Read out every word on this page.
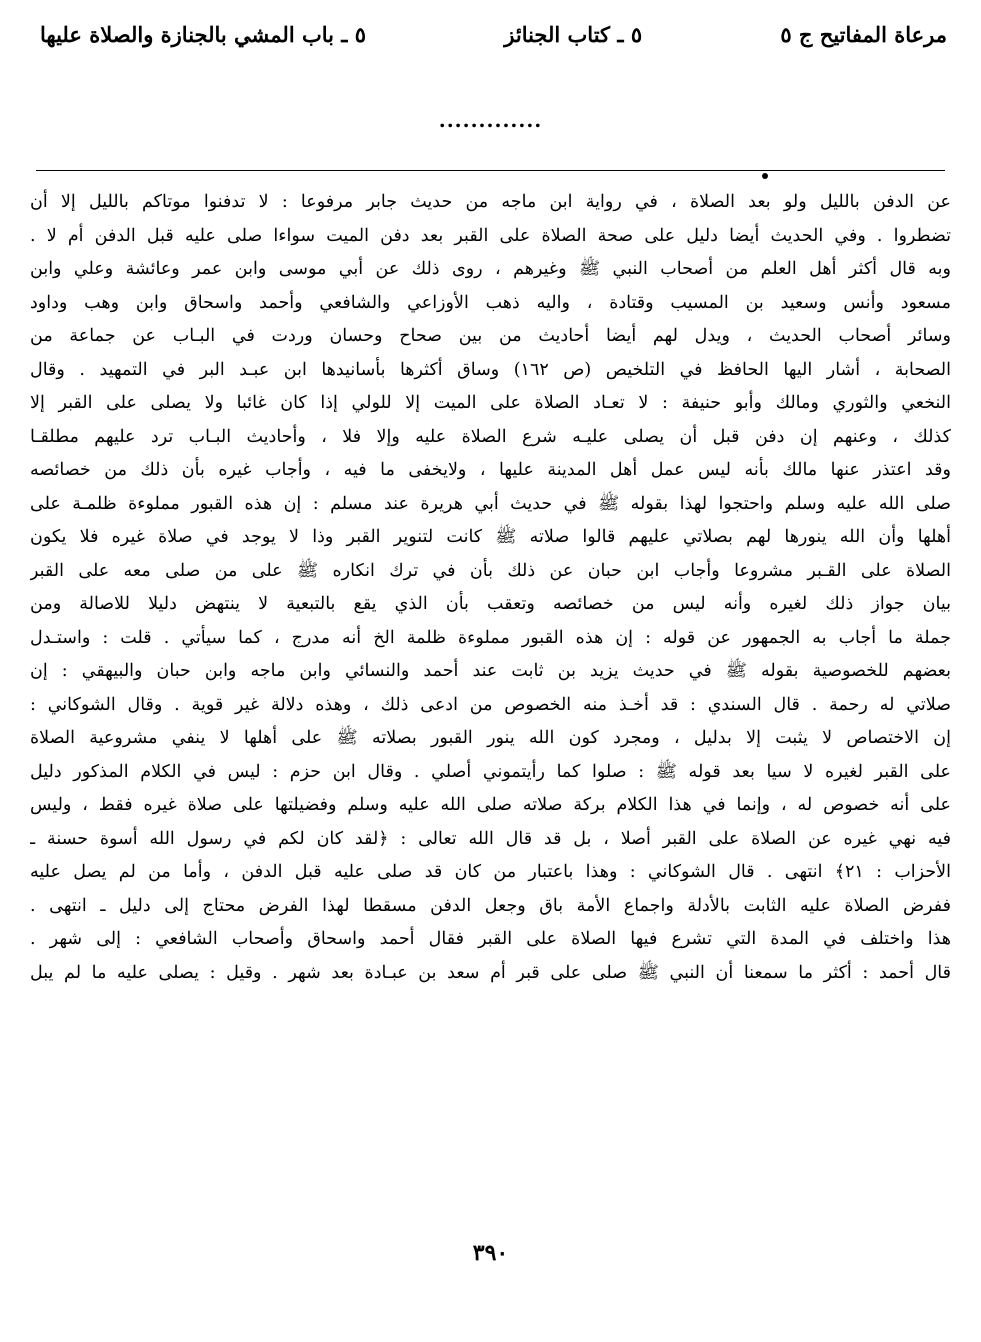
مرعاة المفاتيح ج ٥
٥ ـ كتاب الجنائز
٥ ـ باب المشي بالجنازة والصلاة عليها
.............
عن الدفن بالليل ولو بعد الصلاة ، في رواية ابن ماجه من حديث جابر مرفوعا : لا تدفنوا موتاكم بالليل إلا أن
تضطروا . وفي الحديث أيضا دليل على صحة الصلاة على القبر بعد دفن الميت سواءا صلى عليه قبل الدفن أم لا .
وبه قال أكثر أهل العلم من أصحاب النبي ﷺ وغيرهم ، روى ذلك عن أبي موسى وابن عمر وعائشة وعلي وابن
مسعود وأنس وسعيد بن المسيب وقتادة ، واليه ذهب الأوزاعي والشافعي وأحمد واسحاق وابن وهب وداود
وسائر أصحاب الحديث ، ويدل لهم أيضا أحاديث من بين صحاح وحسان وردت في البـاب عن جماعة من
الصحابة ، أشار اليها الحافظ في التلخيص (ص ١٦٢) وساق أكثرها بأسانيدها ابن عبـد البر في التمهيد . وقال
النخعي والثوري ومالك وأبو حنيفة : لا تعـاد الصلاة على الميت إلا للولي إذا كان غائبا ولا يصلى على القبر إلا
كذلك ، وعنهم إن دفن قبل أن يصلى عليـه شرع الصلاة عليه وإلا فلا ، وأحاديث البـاب ترد عليهم مطلقـا
وقد اعتذر عنها مالك بأنه ليس عمل أهل المدينة عليها ، ولايخفى ما فيه ، وأجاب غيره بأن ذلك من خصائصه
صلى الله عليه وسلم واحتجوا لهذا بقوله ﷺ في حديث أبي هريرة عند مسلم : إن هذه القبور مملوءة ظلمـة على
أهلها وأن الله ينورها لهم بصلاتي عليهم قالوا صلاته ﷺ كانت لتنوير القبر وذا لا يوجد في صلاة غيره فلا يكون
الصلاة على القـبر مشروعا وأجاب ابن حبان عن ذلك بأن في ترك انكاره ﷺ على من صلى معه على القبر
بيان جواز ذلك لغيره وأنه ليس من خصائصه وتعقب بأن الذي يقع بالتبعية لا ينتهض دليلا للاصالة ومن
جملة ما أجاب به الجمهور عن قوله : إن هذه القبور مملوءة ظلمة الخ أنه مدرج ، كما سيأتي . قلت : واستـدل
بعضهم للخصوصية بقوله ﷺ في حديث يزيد بن ثابت عند أحمد والنسائي وابن ماجه وابن حبان والبيهقي : إن
صلاتي له رحمة . قال السندي : قد أخـذ منه الخصوص من ادعى ذلك ، وهذه دلالة غير قوية . وقال الشوكاني :
إن الاختصاص لا يثبت إلا بدليل ، ومجرد كون الله ينور القبور بصلاته ﷺ على أهلها لا ينفي مشروعية الصلاة
على القبر لغيره لا سيا بعد قوله ﷺ : صلوا كما رأيتموني أصلي . وقال ابن حزم : ليس في الكلام المذكور دليل
على أنه خصوص له ، وإنما في هذا الكلام بركة صلاته صلى الله عليه وسلم وفضيلتها على صلاة غيره فقط ، وليس
فيه نهي غيره عن الصلاة على القبر أصلا ، بل قد قال الله تعالى : ﴿لقد كان لكم في رسول الله أسوة حسنة ـ
الأحزاب : ٢١﴾ انتهى . قال الشوكاني : وهذا باعتبار من كان قد صلى عليه قبل الدفن ، وأما من لم يصل عليه
ففرض الصلاة عليه الثابت بالأدلة واجماع الأمة باق وجعل الدفن مسقطا لهذا الفرض محتاج إلى دليل ـ انتهى .
هذا واختلف في المدة التي تشرع فيها الصلاة على القبر فقال أحمد واسحاق وأصحاب الشافعي : إلى شهر .
قال أحمد : أكثر ما سمعنا أن النبي ﷺ صلى على قبر أم سعد بن عبـادة بعد شهر . وقيل : يصلى عليه ما لم يبل
٣٩٠
